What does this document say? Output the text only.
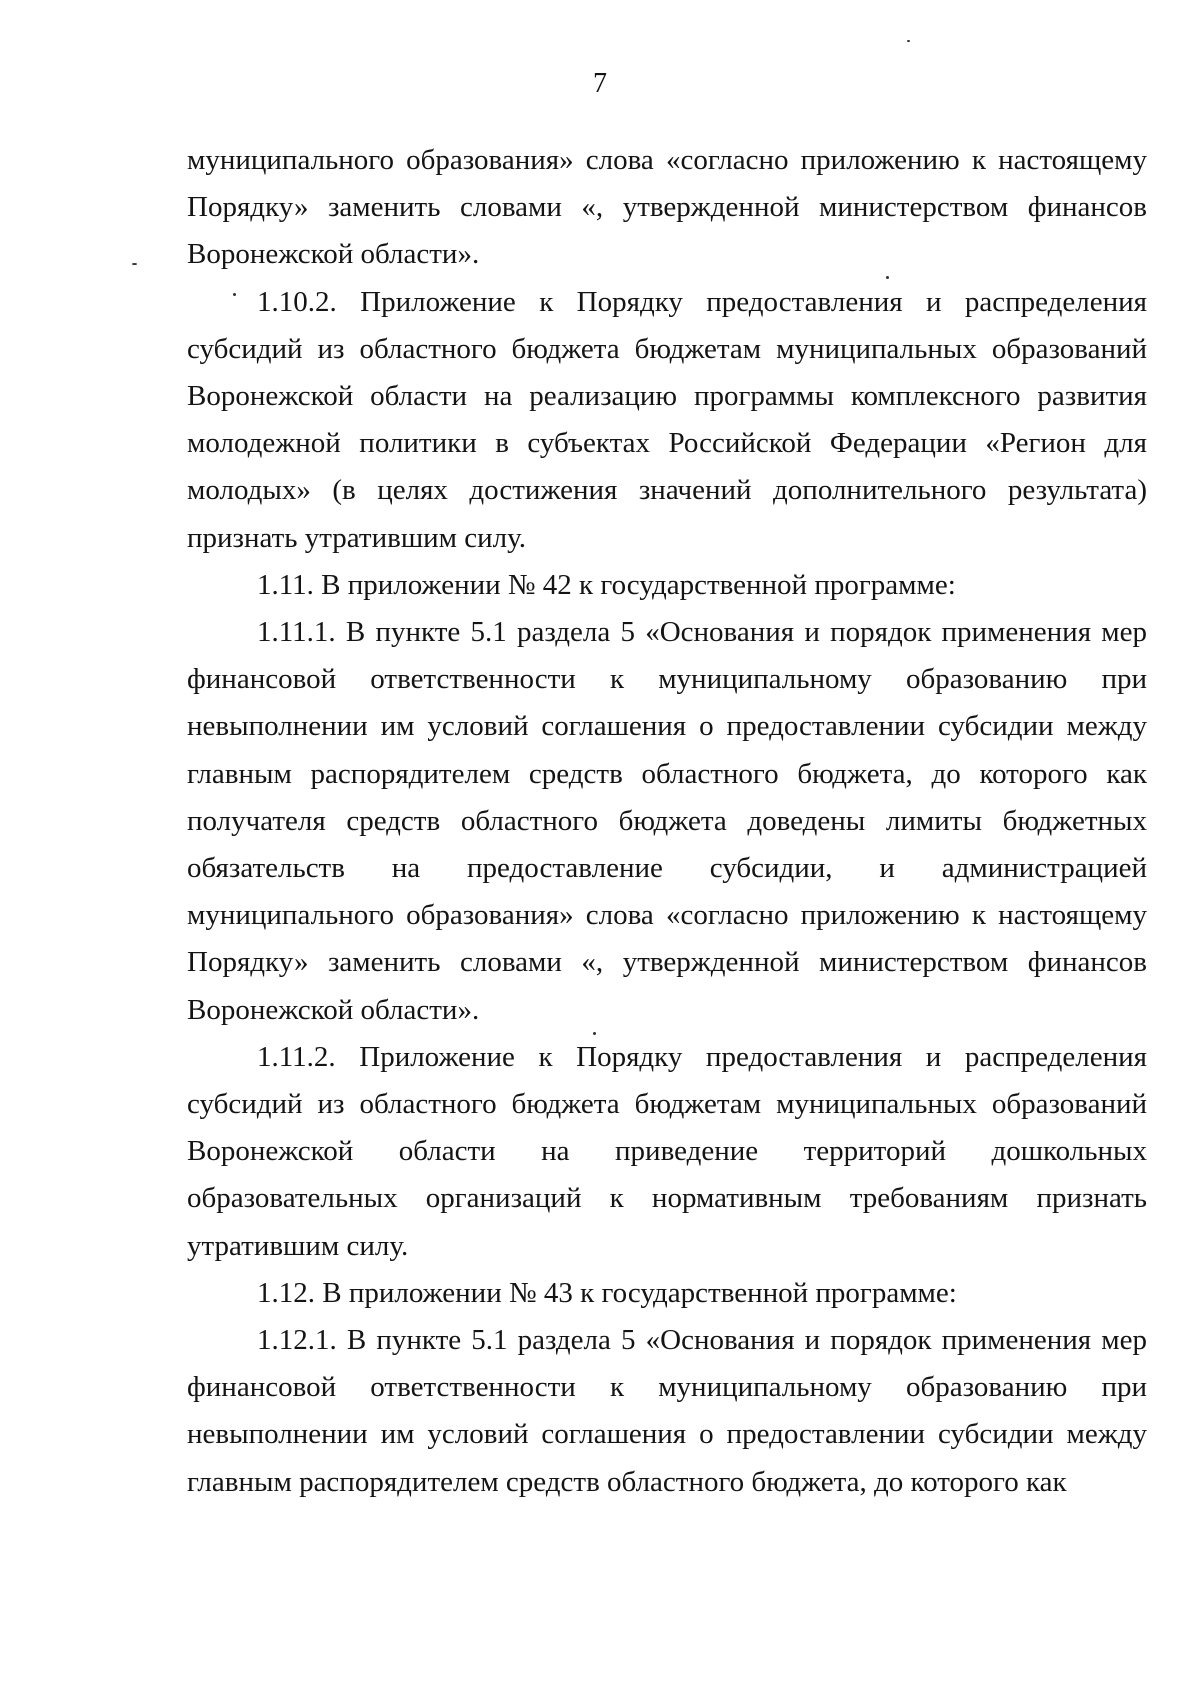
7

муниципального образования» слова «согласно приложению к настоящему Порядку» заменить словами «, утвержденной министерством финансов Воронежской области».

1.10.2. Приложение к Порядку предоставления и распределения субсидий из областного бюджета бюджетам муниципальных образований Воронежской области на реализацию программы комплексного развития молодежной политики в субъектах Российской Федерации «Регион для молодых» (в целях достижения значений дополнительного результата) признать утратившим силу.

1.11. В приложении № 42 к государственной программе:

1.11.1. В пункте 5.1 раздела 5 «Основания и порядок применения мер финансовой ответственности к муниципальному образованию при невыполнении им условий соглашения о предоставлении субсидии между главным распорядителем средств областного бюджета, до которого как получателя средств областного бюджета доведены лимиты бюджетных обязательств на предоставление субсидии, и администрацией муниципального образования» слова «согласно приложению к настоящему Порядку» заменить словами «, утвержденной министерством финансов Воронежской области».

1.11.2. Приложение к Порядку предоставления и распределения субсидий из областного бюджета бюджетам муниципальных образований Воронежской области на приведение территорий дошкольных образовательных организаций к нормативным требованиям признать утратившим силу.

1.12. В приложении № 43 к государственной программе:

1.12.1. В пункте 5.1 раздела 5 «Основания и порядок применения мер финансовой ответственности к муниципальному образованию при невыполнении им условий соглашения о предоставлении субсидии между главным распорядителем средств областного бюджета, до которого как
